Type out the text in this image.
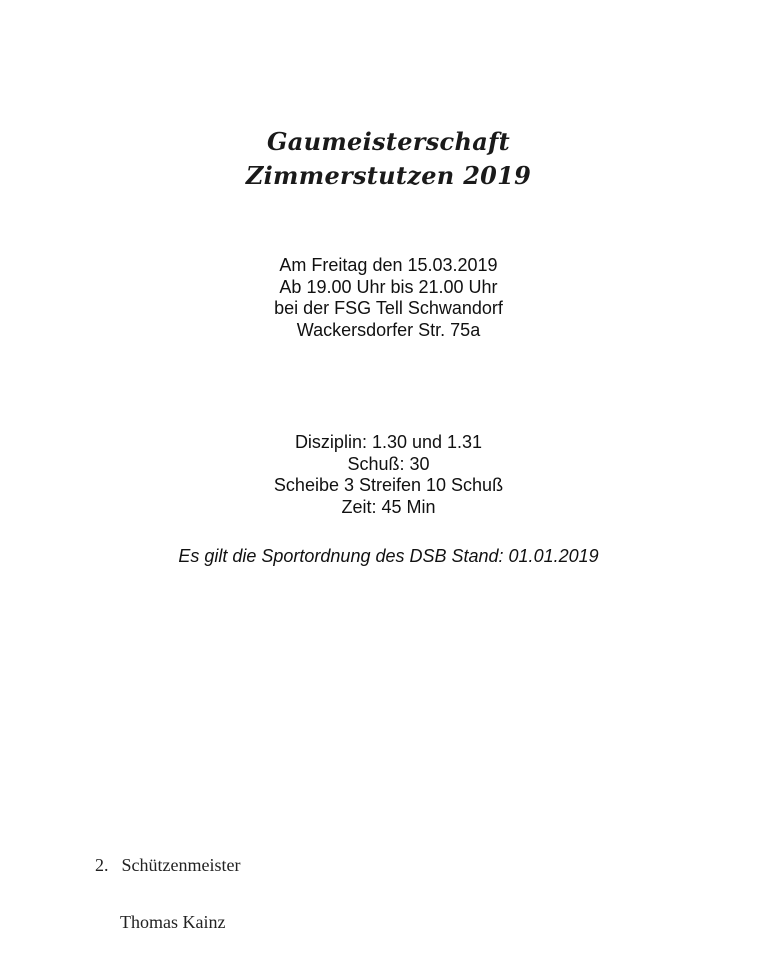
Gaumeisterschaft
Zimmerstutzen 2019
Am Freitag den 15.03.2019
Ab 19.00 Uhr bis 21.00 Uhr
bei der FSG Tell Schwandorf
Wackersdorfer Str. 75a
Disziplin: 1.30 und 1.31
Schuß: 30
Scheibe 3 Streifen 10 Schuß
Zeit: 45 Min
Es gilt die Sportordnung des DSB Stand: 01.01.2019
2. Schützenmeister
Thomas Kainz
